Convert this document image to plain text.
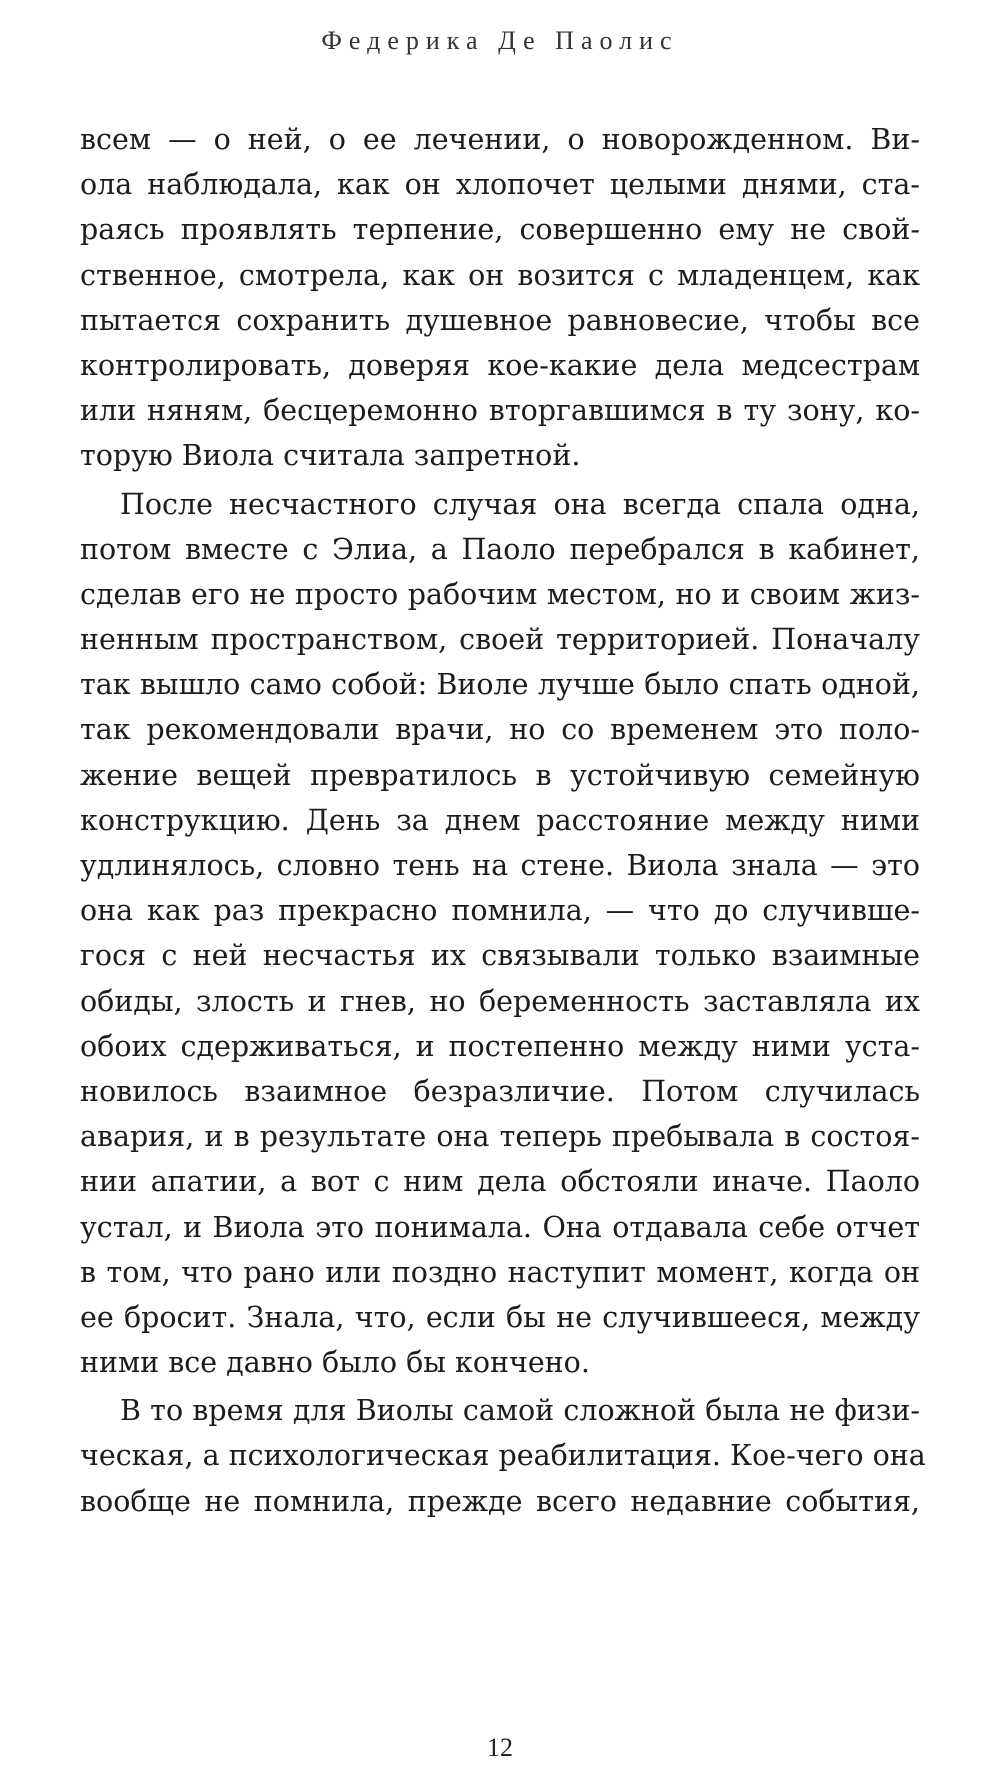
Федерика Де Паолис
всем — о ней, о ее лечении, о новорожденном. Ви-
ола наблюдала, как он хлопочет целыми днями, ста-
раясь проявлять терпение, совершенно ему не свой-
ственное, смотрела, как он возится с младенцем, как
пытается сохранить душевное равновесие, чтобы все
контролировать, доверяя кое-какие дела медсестрам
или няням, бесцеремонно вторгавшимся в ту зону, ко-
торую Виола считала запретной.
После несчастного случая она всегда спала одна,
потом вместе с Элиа, а Паоло перебрался в кабинет,
сделав его не просто рабочим местом, но и своим жиз-
ненным пространством, своей территорией. Поначалу
так вышло само собой: Виоле лучше было спать одной,
так рекомендовали врачи, но со временем это поло-
жение вещей превратилось в устойчивую семейную
конструкцию. День за днем расстояние между ними
удлинялось, словно тень на стене. Виола знала — это
она как раз прекрасно помнила, — что до случивше-
гося с ней несчастья их связывали только взаимные
обиды, злость и гнев, но беременность заставляла их
обоих сдерживаться, и постепенно между ними уста-
новилось взаимное безразличие. Потом случилась
авария, и в результате она теперь пребывала в состоя-
нии апатии, а вот с ним дела обстояли иначе. Паоло
устал, и Виола это понимала. Она отдавала себе отчет
в том, что рано или поздно наступит момент, когда он
ее бросит. Знала, что, если бы не случившееся, между
ними все давно было бы кончено.
В то время для Виолы самой сложной была не физи-
ческая, а психологическая реабилитация. Кое-чего она
вообще не помнила, прежде всего недавние события,
12
